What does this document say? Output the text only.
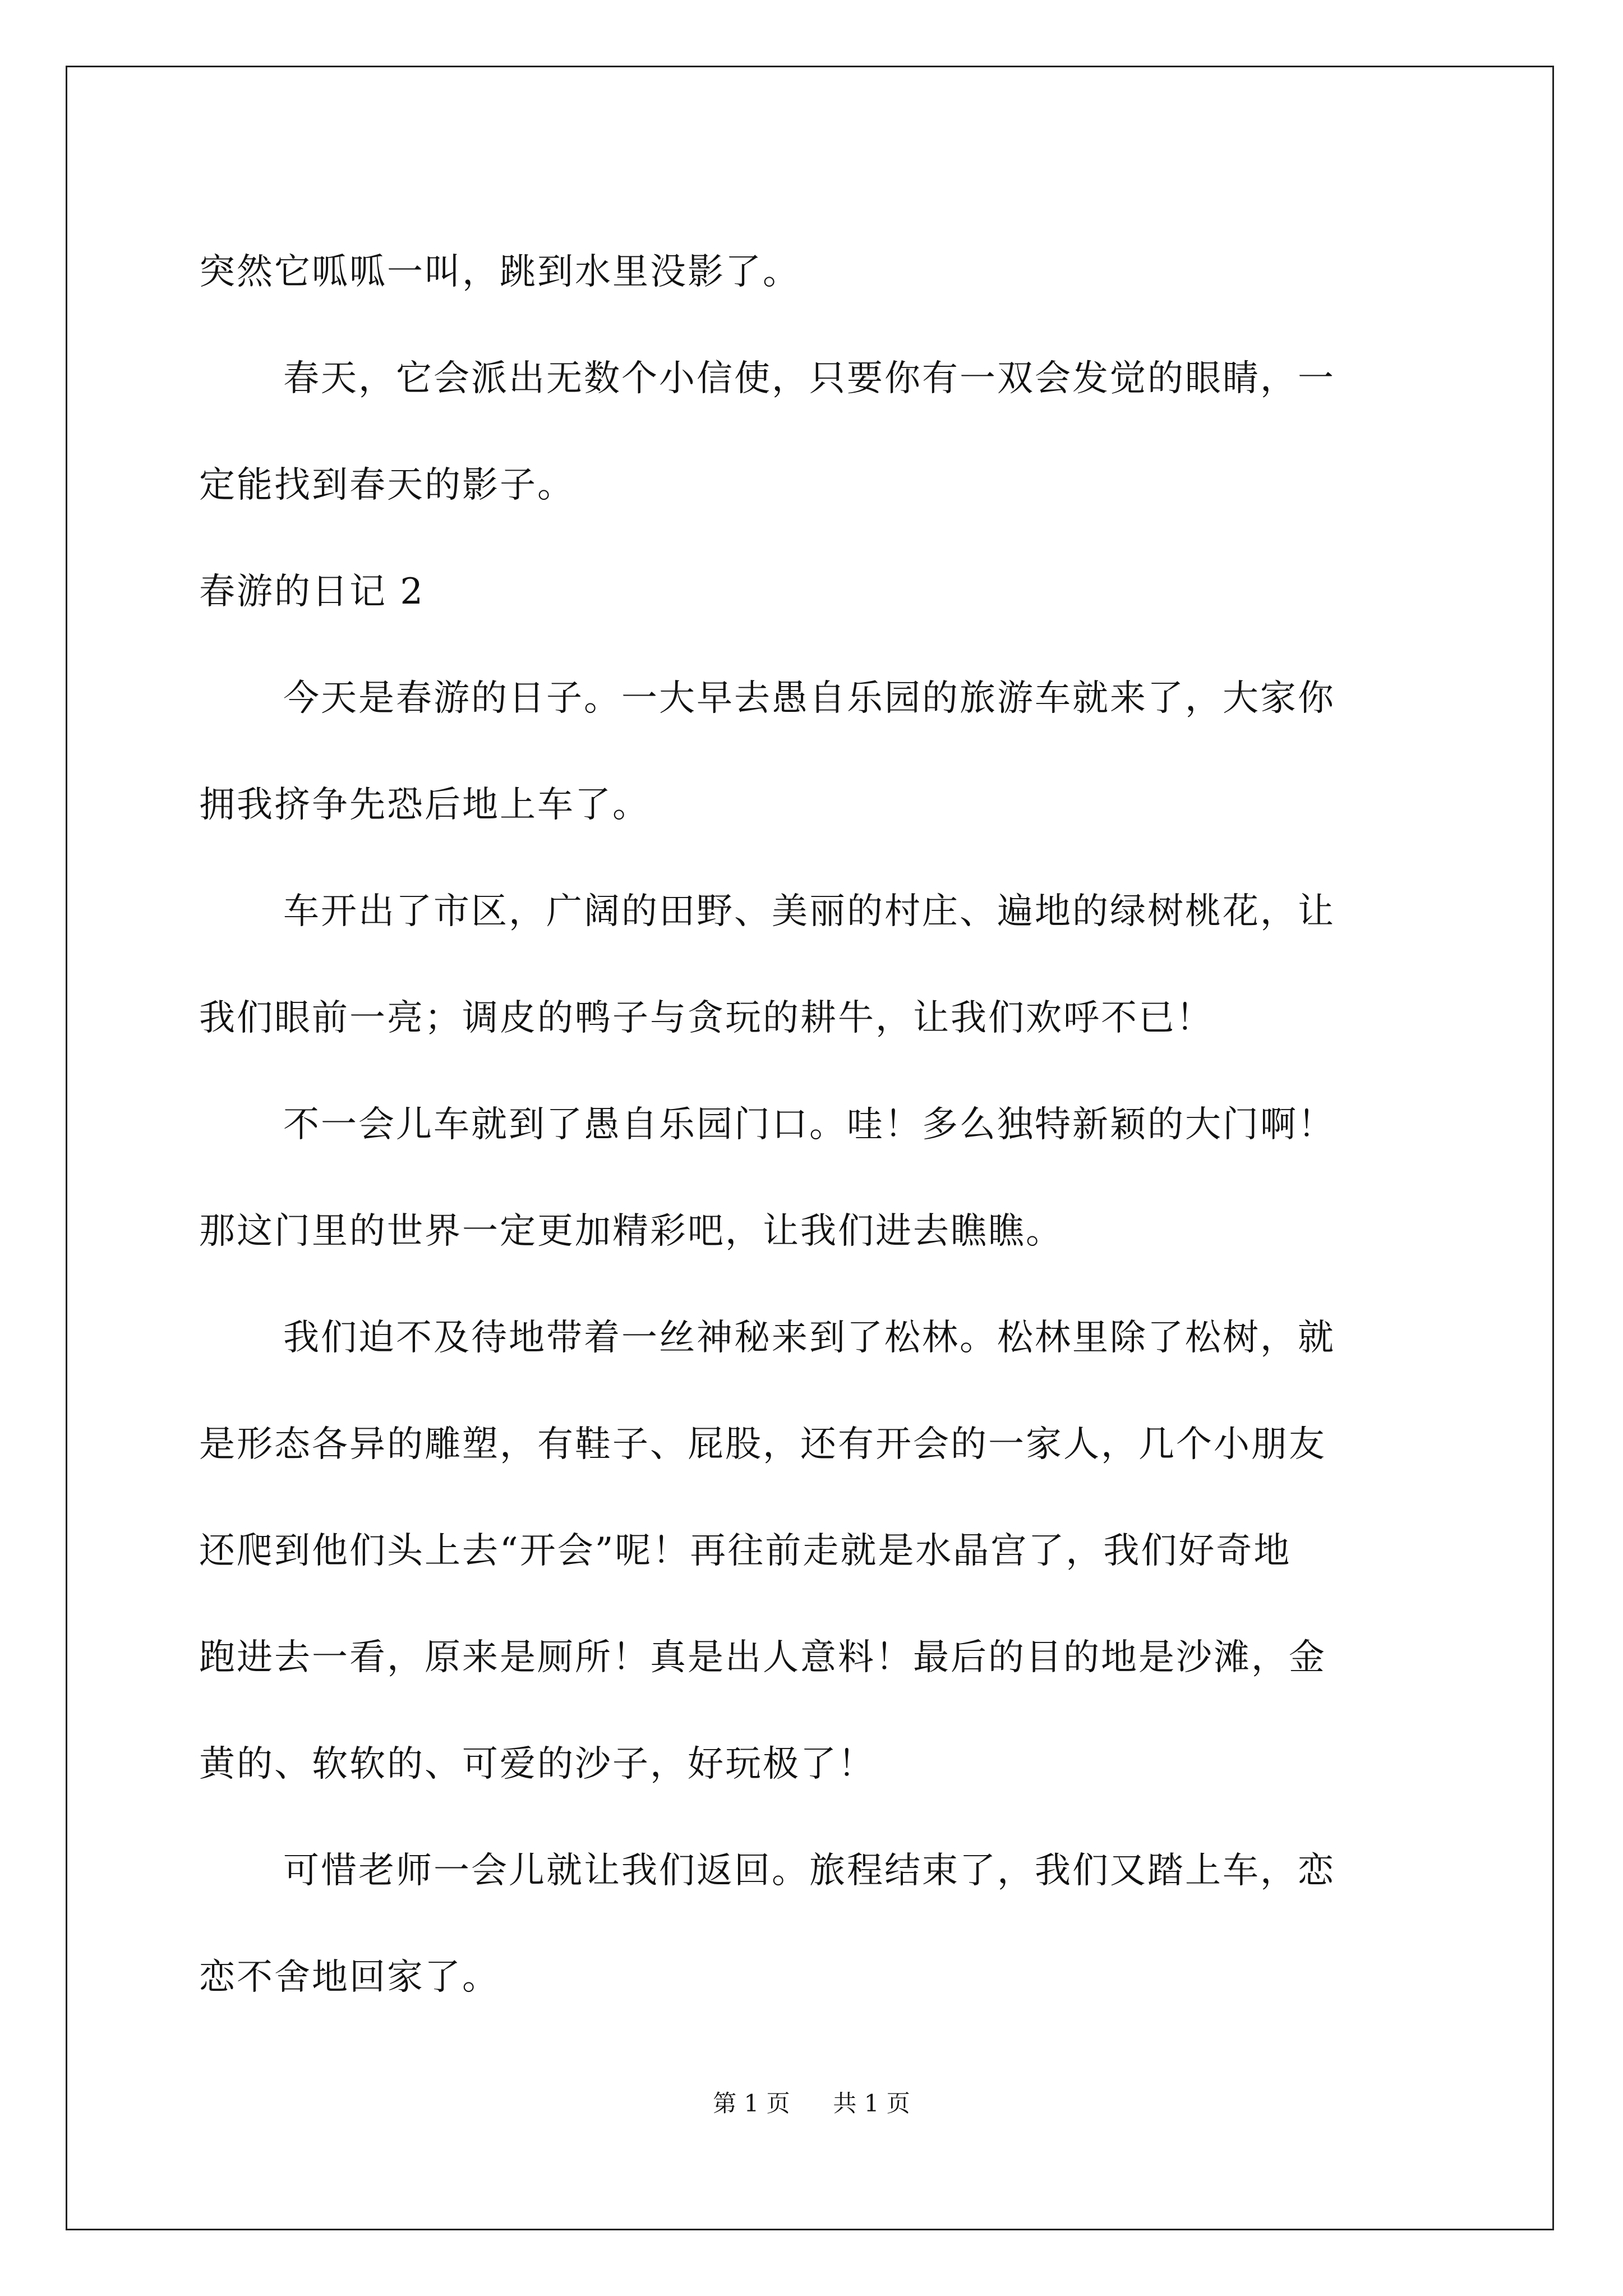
突然它呱呱一叫，跳到水里没影了。
春天，它会派出无数个小信使，只要你有一双会发觉的眼睛，一
定能找到春天的影子。
春游的日记 2
今天是春游的日子。一大早去愚自乐园的旅游车就来了，大家你
拥我挤争先恐后地上车了。
车开出了市区，广阔的田野、美丽的村庄、遍地的绿树桃花，让
我们眼前一亮；调皮的鸭子与贪玩的耕牛，让我们欢呼不已！
不一会儿车就到了愚自乐园门口。哇！多么独特新颖的大门啊！
那这门里的世界一定更加精彩吧，让我们进去瞧瞧。
我们迫不及待地带着一丝神秘来到了松林。松林里除了松树，就
是形态各异的雕塑，有鞋子、屁股，还有开会的一家人，几个小朋友
还爬到他们头上去“开会”呢！再往前走就是水晶宫了，我们好奇地
跑进去一看，原来是厕所！真是出人意料！最后的目的地是沙滩，金
黄的、软软的、可爱的沙子，好玩极了！
可惜老师一会儿就让我们返回。旅程结束了，我们又踏上车，恋
恋不舍地回家了。
第 1 页 共 1 页
